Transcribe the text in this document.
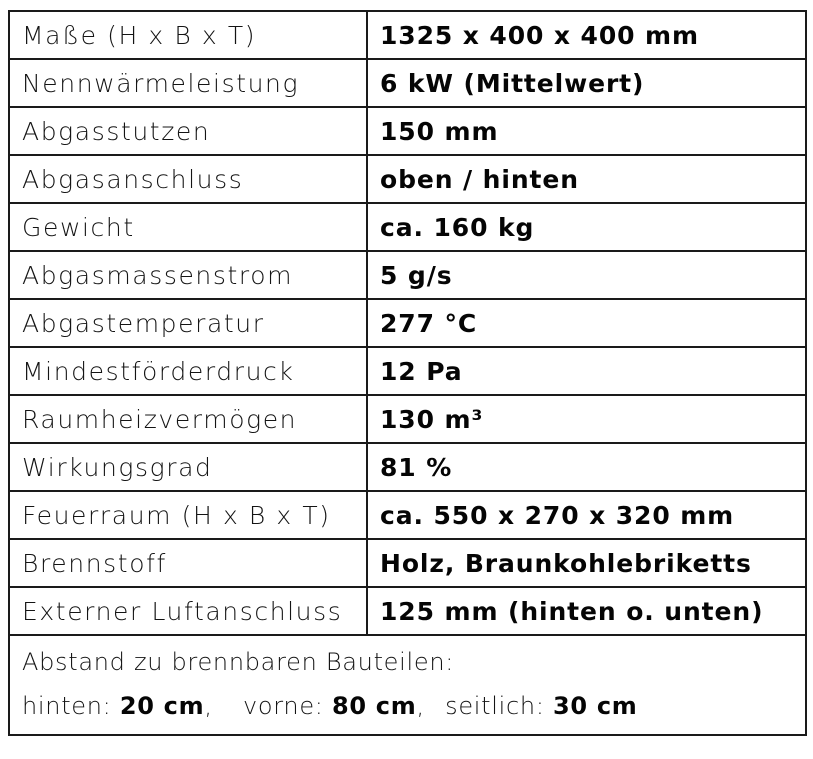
Maße (H x B x T)	1325 x 400 x 400 mm
Nennwärmeleistung	6 kW (Mittelwert)
Abgasstutzen	150 mm
Abgasanschluss	oben / hinten
Gewicht	ca. 160 kg
Abgasmassenstrom	5 g/s
Abgastemperatur	277 °C
Mindestförderdruck	12 Pa
Raumheizvermögen	130 m³
Wirkungsgrad	81 %
Feuerraum (H x B x T)	ca. 550 x 270 x 320 mm
Brennstoff	Holz, Braunkohlebriketts
Externer Luftanschluss	125 mm (hinten o. unten)

Abstand zu brennbaren Bauteilen:
hinten: 20 cm, vorne: 80 cm, seitlich: 30 cm	
